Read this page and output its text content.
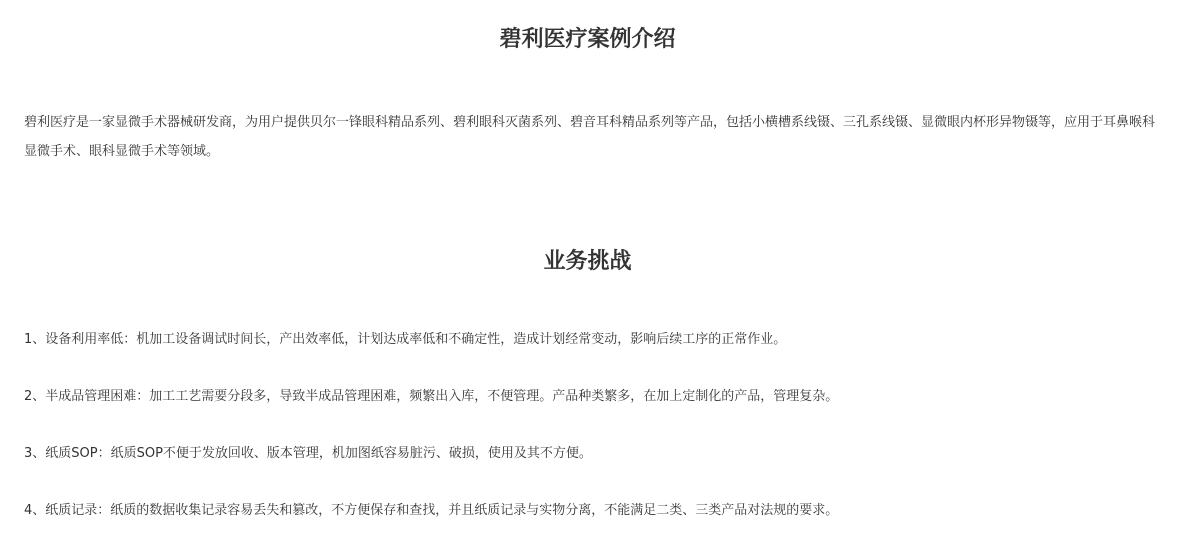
碧利医疗案例介绍

碧利医疗是一家显微手术器械研发商，为用户提供贝尔一锋眼科精品系列、碧利眼科灭菌系列、碧音耳科精品系列等产品，包括小横槽系线镊、三孔系线镊、显微眼内杯形异物镊等，应用于耳鼻喉科显微手术、眼科显微手术等领域。

业务挑战
1、设备利用率低：机加工设备调试时间长，产出效率低，计划达成率低和不确定性，造成计划经常变动，影响后续工序的正常作业。
2、半成品管理困难：加工工艺需要分段多，导致半成品管理困难，频繁出入库，不便管理。产品种类繁多，在加上定制化的产品，管理复杂。
3、纸质SOP：纸质SOP不便于发放回收、版本管理，机加图纸容易脏污、破损，使用及其不方便。
4、纸质记录：纸质的数据收集记录容易丢失和篡改，不方便保存和查找，并且纸质记录与实物分离，不能满足二类、三类产品对法规的要求。
